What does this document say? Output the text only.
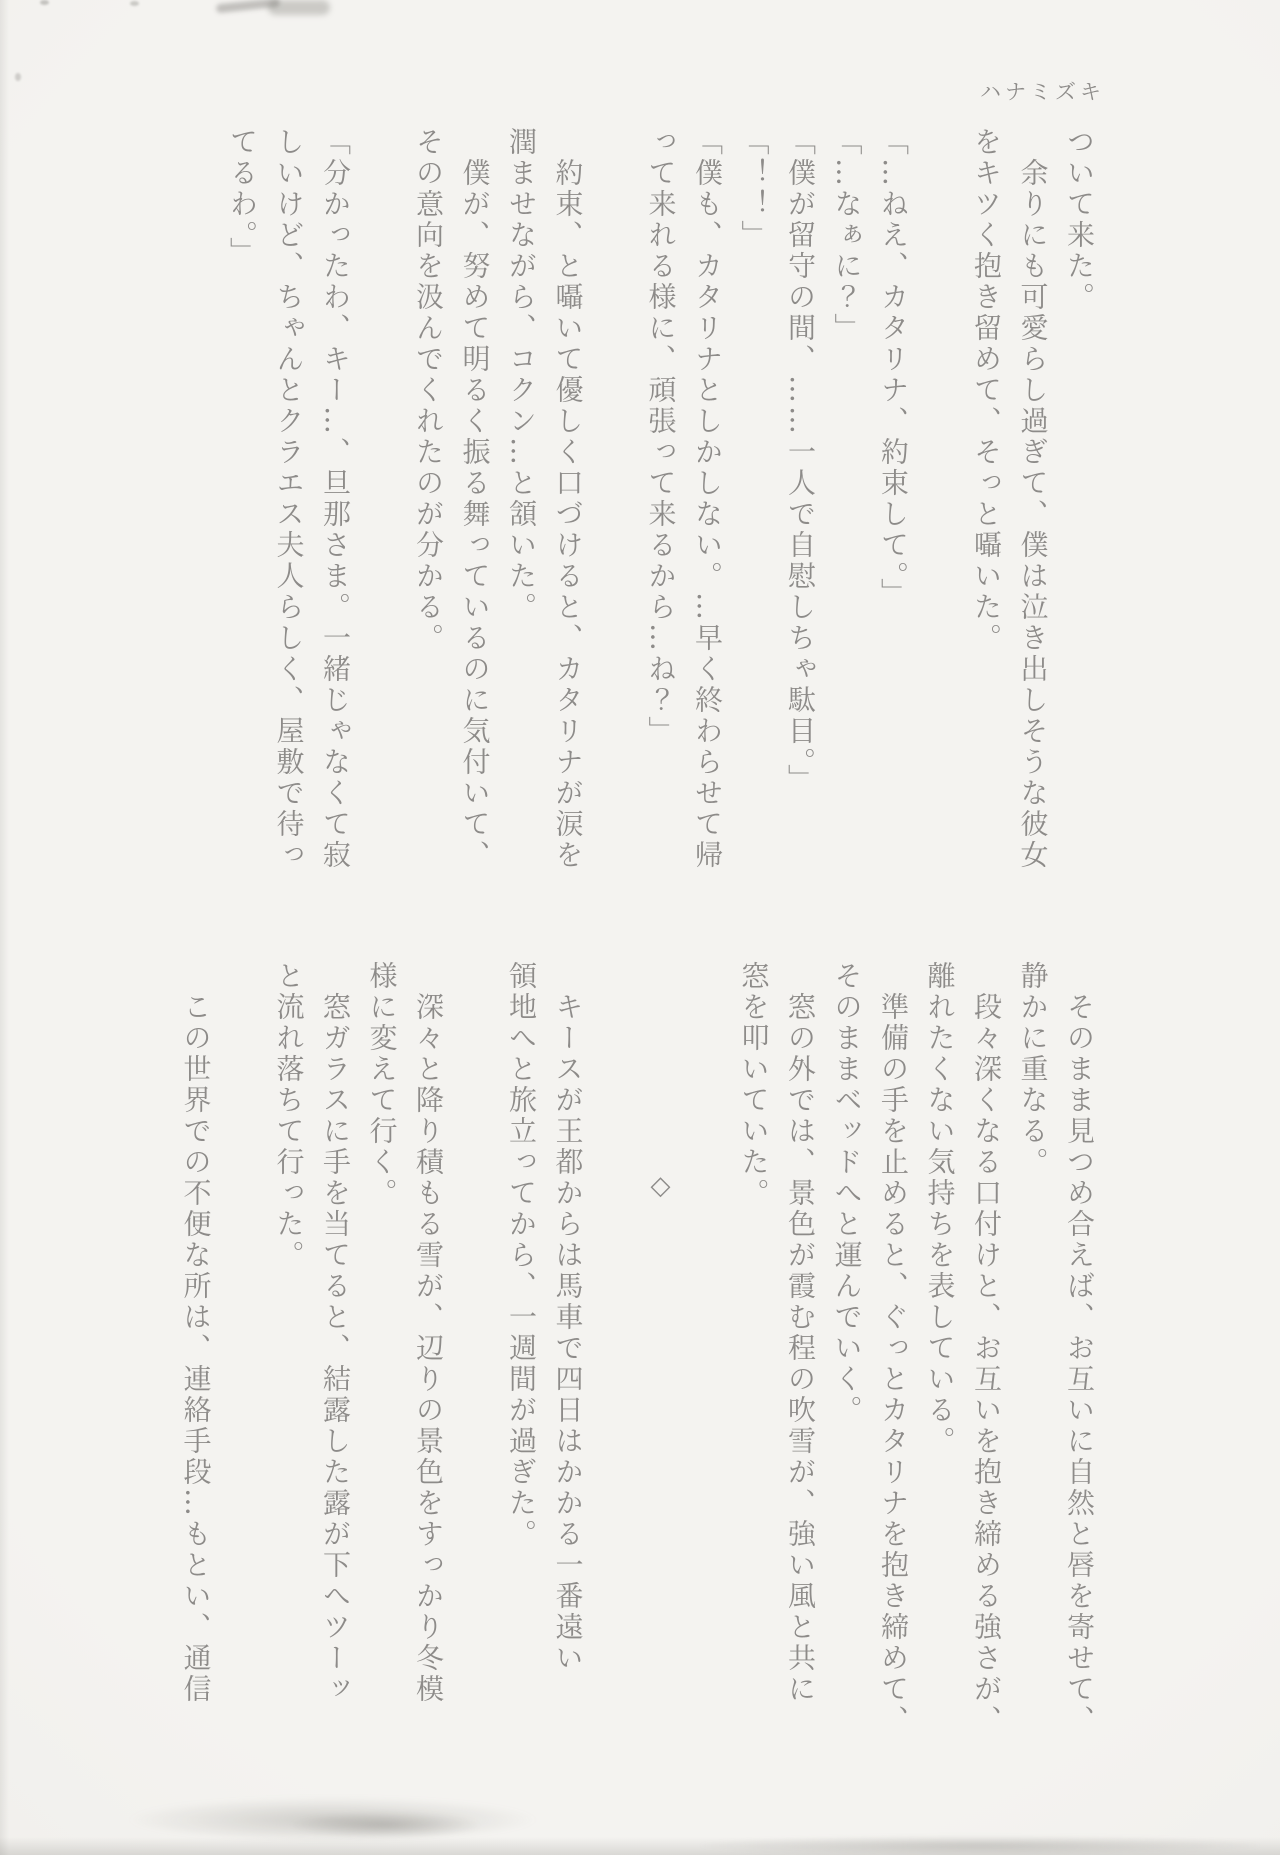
ハナミズキ
ついて来た。
　余りにも可愛らし過ぎて、僕は泣き出しそうな彼女
をキツく抱き留めて、そっと囁いた。
「…ねえ、カタリナ、約束して。」
「…なぁに？」
「僕が留守の間、……一人で自慰しちゃ駄目。」
「！！」
「僕も、カタリナとしかしない。…早く終わらせて帰
って来れる様に、頑張って来るから…ね？」
　約束、と囁いて優しく口づけると、カタリナが涙を
潤ませながら、コクン…と頷いた。
　僕が、努めて明るく振る舞っているのに気付いて、
その意向を汲んでくれたのが分かる。
「分かったわ、キー…、旦那さま。一緒じゃなくて寂
しいけど、ちゃんとクラエス夫人らしく、屋敷で待っ
てるわ。」
　そのまま見つめ合えば、お互いに自然と唇を寄せて、
静かに重なる。
　段々深くなる口付けと、お互いを抱き締める強さが、
離れたくない気持ちを表している。
　準備の手を止めると、ぐっとカタリナを抱き締めて、
そのままベッドへと運んでいく。
　窓の外では、景色が霞む程の吹雪が、強い風と共に
窓を叩いていた。
◇
　キースが王都からは馬車で四日はかかる一番遠い
領地へと旅立ってから、一週間が過ぎた。
　深々と降り積もる雪が、辺りの景色をすっかり冬模
様に変えて行く。
　窓ガラスに手を当てると、結露した露が下へツーッ
と流れ落ちて行った。
　この世界での不便な所は、連絡手段…もとい、通信
